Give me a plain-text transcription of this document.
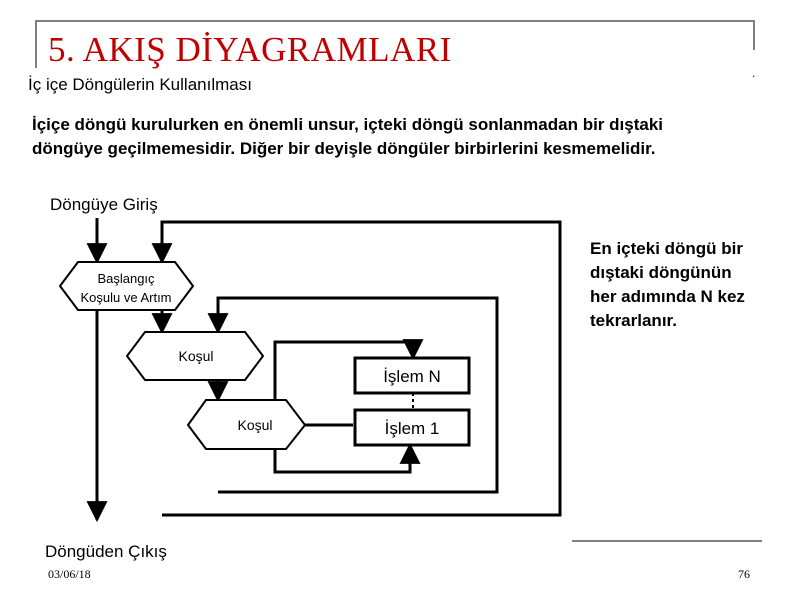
.
5. AKIŞ DİYAGRAMLARI
İç içe Döngülerin Kullanılması
İçiçe döngü kurulurken en önemli unsur, içteki döngü sonlanmadan bir dıştaki döngüye geçilmemesidir. Diğer bir deyişle döngüler birbirlerini kesmemelidir.
En içteki döngü bir dıştaki döngünün her adımında N kez tekrarlanır.
Döngüye Giriş
Döngüden Çıkış
Başlangıç
Koşulu ve Artım
Koşul
Koşul
İşlem N
İşlem 1
03/06/18	76
